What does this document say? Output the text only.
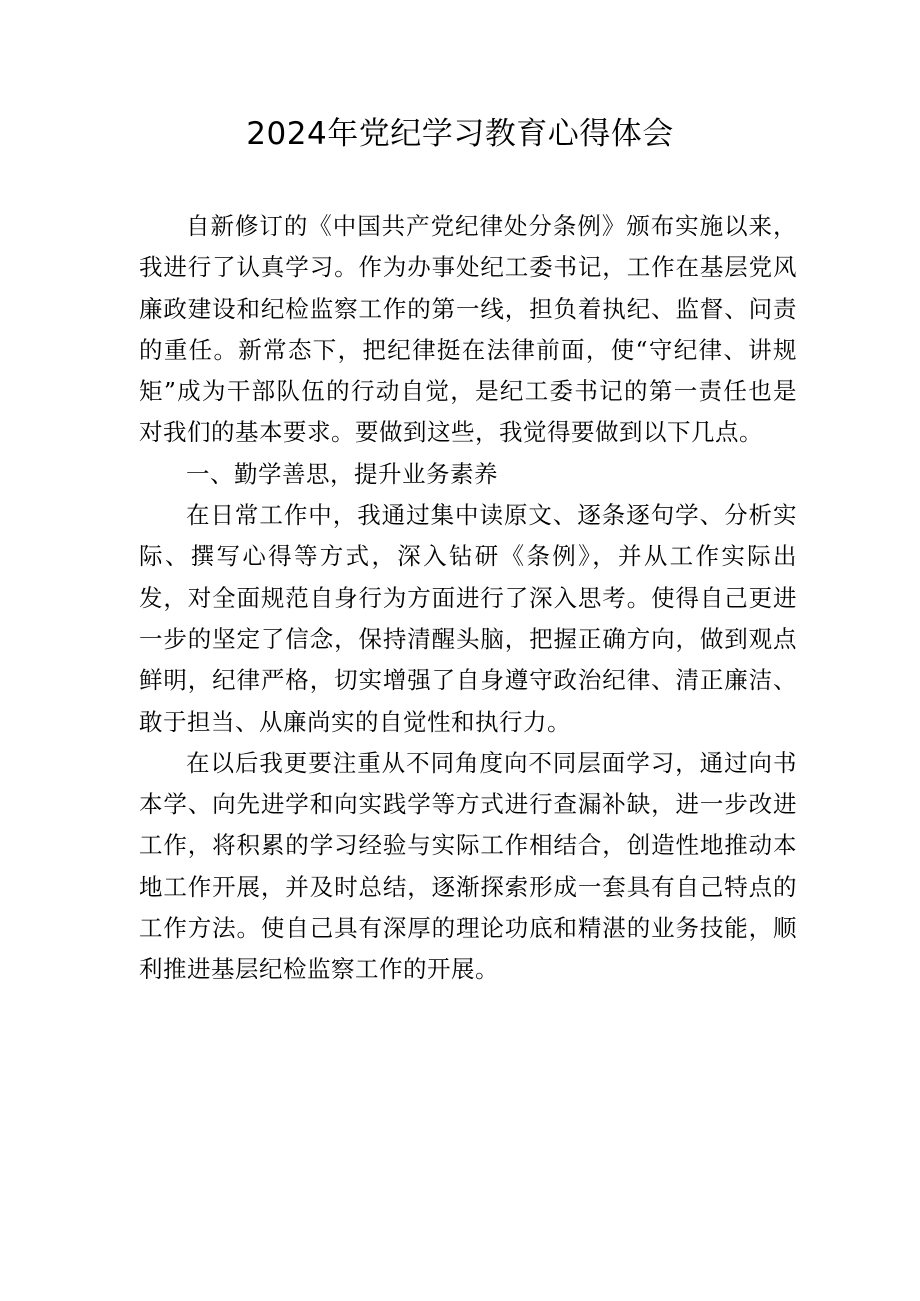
2024年党纪学习教育心得体会

自新修订的《中国共产党纪律处分条例》颁布实施以来，我进行了认真学习。作为办事处纪工委书记，工作在基层党风廉政建设和纪检监察工作的第一线，担负着执纪、监督、问责的重任。新常态下，把纪律挺在法律前面，使“守纪律、讲规矩”成为干部队伍的行动自觉，是纪工委书记的第一责任也是对我们的基本要求。要做到这些，我觉得要做到以下几点。

一、勤学善思，提升业务素养

在日常工作中，我通过集中读原文、逐条逐句学、分析实际、撰写心得等方式，深入钻研《条例》，并从工作实际出发，对全面规范自身行为方面进行了深入思考。使得自己更进一步的坚定了信念，保持清醒头脑，把握正确方向，做到观点鲜明，纪律严格，切实增强了自身遵守政治纪律、清正廉洁、敢于担当、从廉尚实的自觉性和执行力。

在以后我更要注重从不同角度向不同层面学习，通过向书本学、向先进学和向实践学等方式进行查漏补缺，进一步改进工作，将积累的学习经验与实际工作相结合，创造性地推动本地工作开展，并及时总结，逐渐探索形成一套具有自己特点的工作方法。使自己具有深厚的理论功底和精湛的业务技能，顺利推进基层纪检监察工作的开展。
